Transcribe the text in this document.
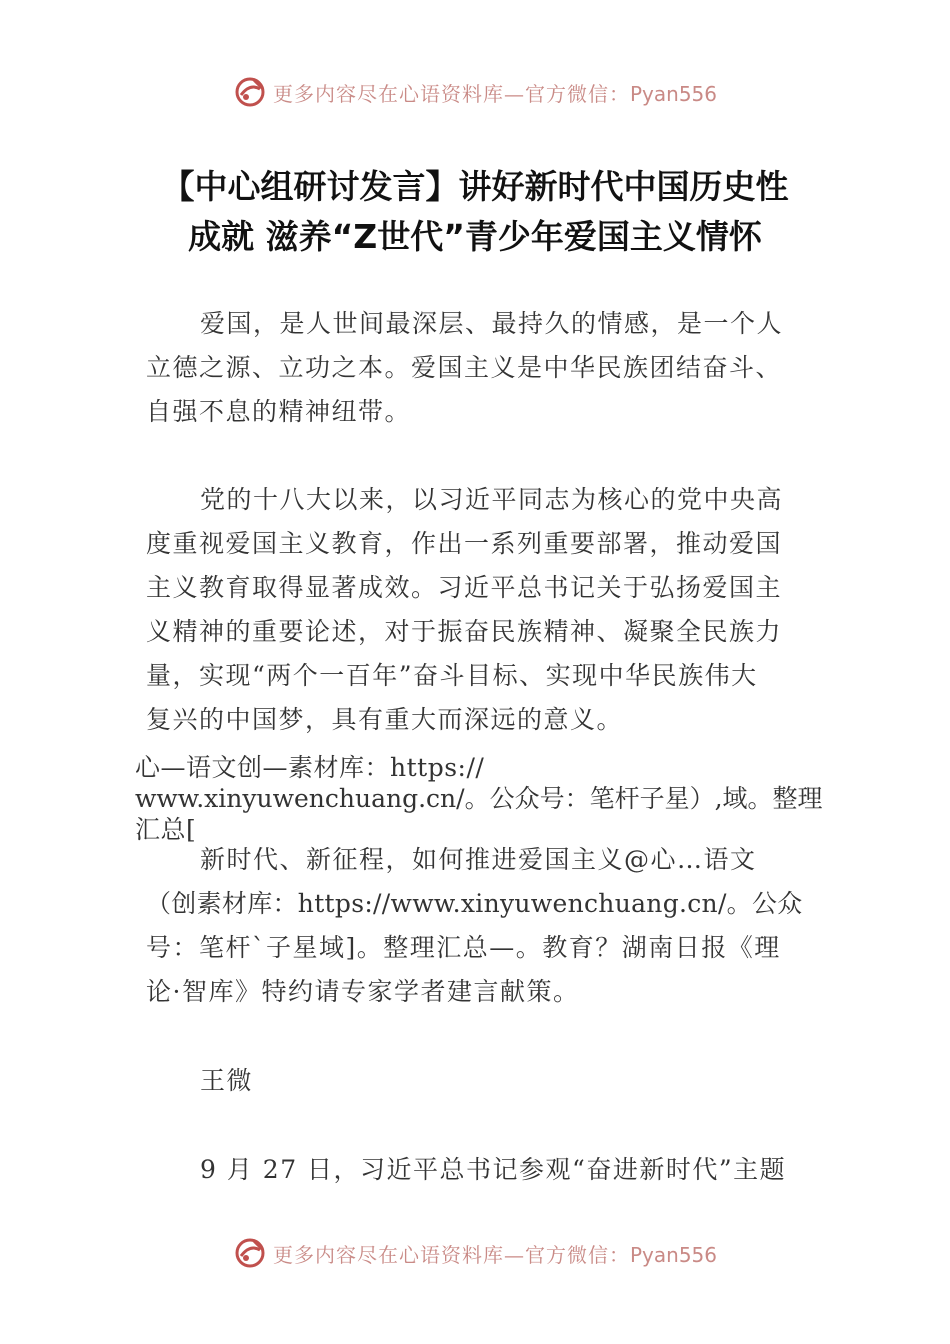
更多内容尽在心语资料库—官方微信：Pyan556
【中心组研讨发言】讲好新时代中国历史性
成就 滋养“Z世代”青少年爱国主义情怀
爱国，是人世间最深层、最持久的情感，是一个人
立德之源、立功之本。爱国主义是中华民族团结奋斗、
自强不息的精神纽带。
党的十八大以来，以习近平同志为核心的党中央高
度重视爱国主义教育，作出一系列重要部署，推动爱国
主义教育取得显著成效。习近平总书记关于弘扬爱国主
义精神的重要论述，对于振奋民族精神、凝聚全民族力
量，实现“两个一百年”奋斗目标、实现中华民族伟大
复兴的中国梦，具有重大而深远的意义。
心—语文创—素材库：https://
www.xinyuwenchuang.cn/。公众号：笔杆子星）,域。整理
汇总[
新时代、新征程，如何推进爱国主义@心…语文
（创素材库：https://www.xinyuwenchuang.cn/。公众
号：笔杆`子星域]。整理汇总—。教育？湖南日报《理
论·智库》特约请专家学者建言献策。
王微
9 月 27 日，习近平总书记参观“奋进新时代”主题
更多内容尽在心语资料库—官方微信：Pyan556
